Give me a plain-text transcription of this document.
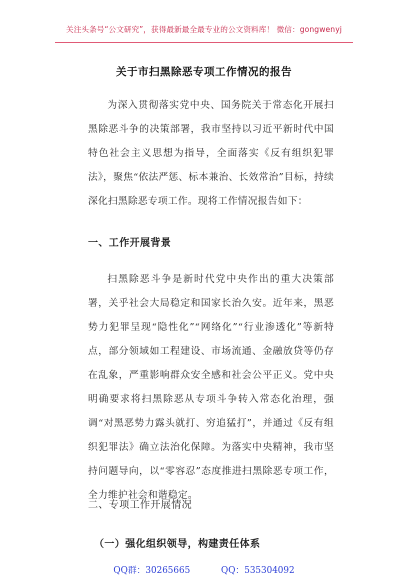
关注头条号“公文研究”，获得最新最全最专业的公文资料库！ 微信：gongwenyj
关于市扫黑除恶专项工作情况的报告

为深入贯彻落实党中央、国务院关于常态化开展扫黑除恶斗争的决策部署，我市坚持以习近平新时代中国特色社会主义思想为指导，全面落实《反有组织犯罪法》，聚焦“依法严惩、标本兼治、长效常治”目标，持续深化扫黑除恶专项工作。现将工作情况报告如下：

一、工作开展背景

扫黑除恶斗争是新时代党中央作出的重大决策部署，关乎社会大局稳定和国家长治久安。近年来，黑恶势力犯罪呈现“隐性化”“网络化”“行业渗透化”等新特点，部分领域如工程建设、市场流通、金融放贷等仍存在乱象，严重影响群众安全感和社会公平正义。党中央明确要求将扫黑除恶从专项斗争转入常态化治理，强调“对黑恶势力露头就打、穷追猛打”，并通过《反有组织犯罪法》确立法治化保障。为落实中央精神，我市坚持问题导向，以“零容忍”态度推进扫黑除恶专项工作，全力维护社会和谐稳定。

二、专项工作开展情况
（一）强化组织领导，构建责任体系
QQ群：30265665	QQ：535304092
